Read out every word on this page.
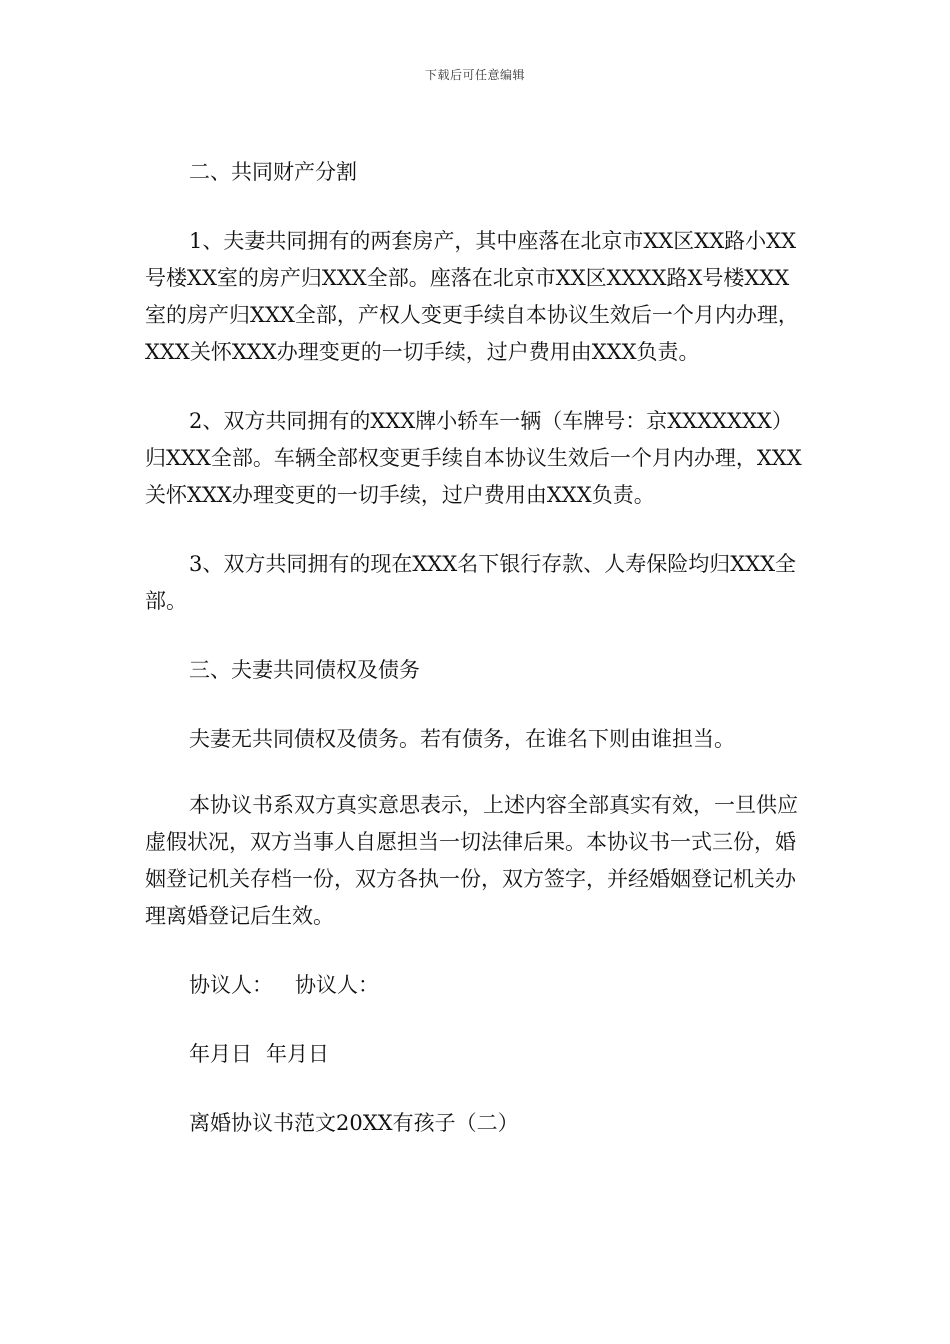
下载后可任意编辑

二、共同财产分割

1、夫妻共同拥有的两套房产，其中座落在北京市XX区XX路小XX号楼XX室的房产归XXX全部。座落在北京市XX区XXXX路X号楼XXX室的房产归XXX全部，产权人变更手续自本协议生效后一个月内办理，XXX关怀XXX办理变更的一切手续，过户费用由XXX负责。

2、双方共同拥有的XXX牌小轿车一辆（车牌号：京XXXXXXX）归XXX全部。车辆全部权变更手续自本协议生效后一个月内办理，XXX关怀XXX办理变更的一切手续，过户费用由XXX负责。

3、双方共同拥有的现在XXX名下银行存款、人寿保险均归XXX全部。

三、夫妻共同债权及债务

夫妻无共同债权及债务。若有债务，在谁名下则由谁担当。

本协议书系双方真实意思表示，上述内容全部真实有效，一旦供应虚假状况，双方当事人自愿担当一切法律后果。本协议书一式三份，婚姻登记机关存档一份，双方各执一份，双方签字，并经婚姻登记机关办理离婚登记后生效。

协议人： 协议人：

年月日 年月日

离婚协议书范文20XX有孩子（二）
